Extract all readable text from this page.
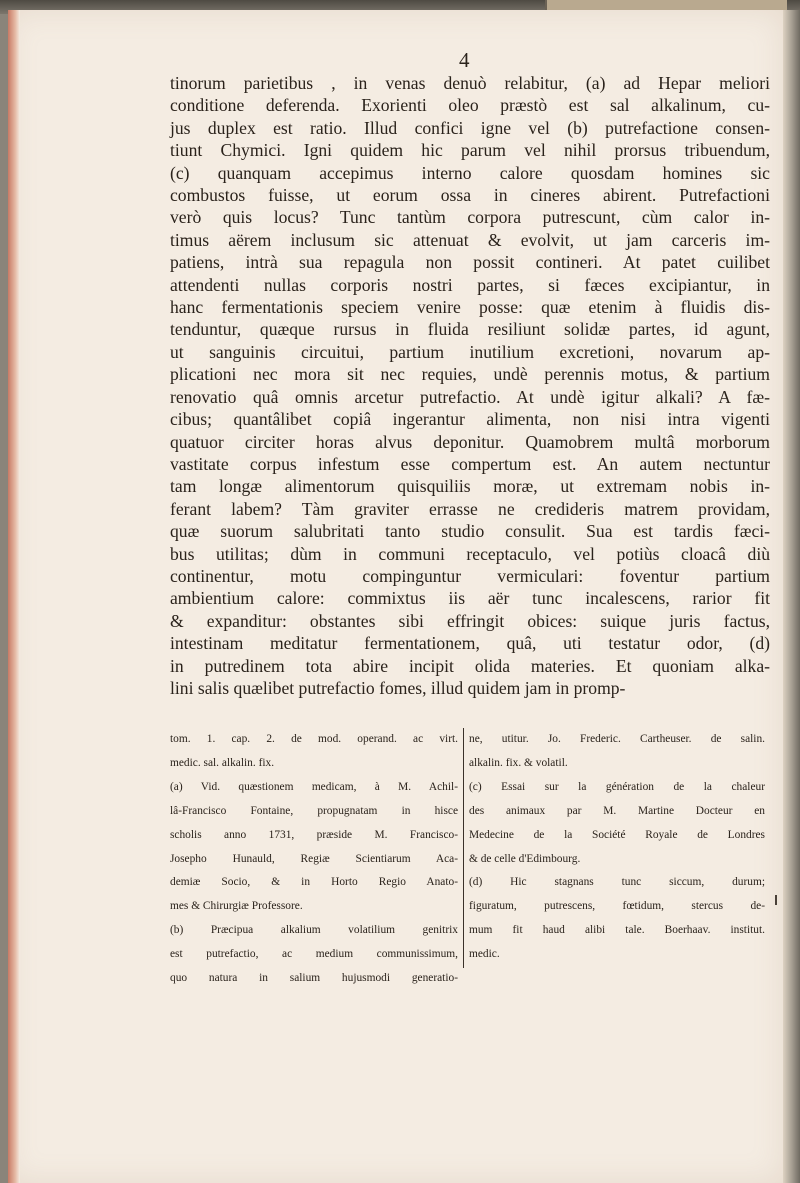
4
tinorum parietibus , in venas denuò relabitur, (a) ad Hepar meliori
conditione deferenda. Exorienti oleo præstò est sal alkalinum, cu-
jus duplex est ratio. Illud confici igne vel (b) putrefactione consen-
tiunt Chymici. Igni quidem hic parum vel nihil prorsus tribuendum,
(c) quanquam accepimus interno calore quosdam homines sic
combustos fuisse, ut eorum ossa in cineres abirent. Putrefactioni
verò quis locus? Tunc tantùm corpora putrescunt, cùm calor in-
timus aërem inclusum sic attenuat & evolvit, ut jam carceris im-
patiens, intrà sua repagula non possit contineri. At patet cuilibet
attendenti nullas corporis nostri partes, si fæces excipiantur, in
hanc fermentationis speciem venire posse: quæ etenim à fluidis dis-
tenduntur, quæque rursus in fluida resiliunt solidæ partes, id agunt,
ut sanguinis circuitui, partium inutilium excretioni, novarum ap-
plicationi nec mora sit nec requies, undè perennis motus, & partium
renovatio quâ omnis arcetur putrefactio. At undè igitur alkali? A fæ-
cibus; quantâlibet copiâ ingerantur alimenta, non nisi intra vigenti
quatuor circiter horas alvus deponitur. Quamobrem multâ morborum
vastitate corpus infestum esse compertum est. An autem nectuntur
tam longæ alimentorum quisquiliis moræ, ut extremam nobis in-
ferant labem? Tàm graviter errasse ne credideris matrem providam,
quæ suorum salubritati tanto studio consulit. Sua est tardis fæci-
bus utilitas; dùm in communi receptaculo, vel potiùs cloacâ diù
continentur, motu compinguntur vermiculari: foventur partium
ambientium calore: commixtus iis aër tunc incalescens, rarior fit
& expanditur: obstantes sibi effringit obices: suique juris factus,
intestinam meditatur fermentationem, quâ, uti testatur odor, (d)
in putredinem tota abire incipit olida materies. Et quoniam alka-
lini salis quælibet putrefactio fomes, illud quidem jam in promp-
tom. 1. cap. 2. de mod. operand. ac virt.
medic. sal. alkalin. fix.
(a) Vid. quæstionem medicam, à M. Achil-
lâ-Francisco Fontaine, propugnatam in hisce
scholis anno 1731, præside M. Francisco-
Josepho Hunauld, Regiæ Scientiarum Aca-
demiæ Socio, & in Horto Regio Anato-
mes & Chirurgiæ Professore.
(b) Præcipua alkalium volatilium genitrix
est putrefactio, ac medium communissimum,
quo natura in salium hujusmodi generatio-
ne, utitur. Jo. Frederic. Cartheuser. de salin.
alkalin. fix. & volatil.
(c) Essai sur la génération de la chaleur
des animaux par M. Martine Docteur en
Medecine de la Société Royale de Londres
& de celle d'Edimbourg.
(d) Hic stagnans tunc siccum, durum;
figuratum, putrescens, fœtidum, stercus de-
mum fit haud alibi tale. Boerhaav. institut.
medic.
